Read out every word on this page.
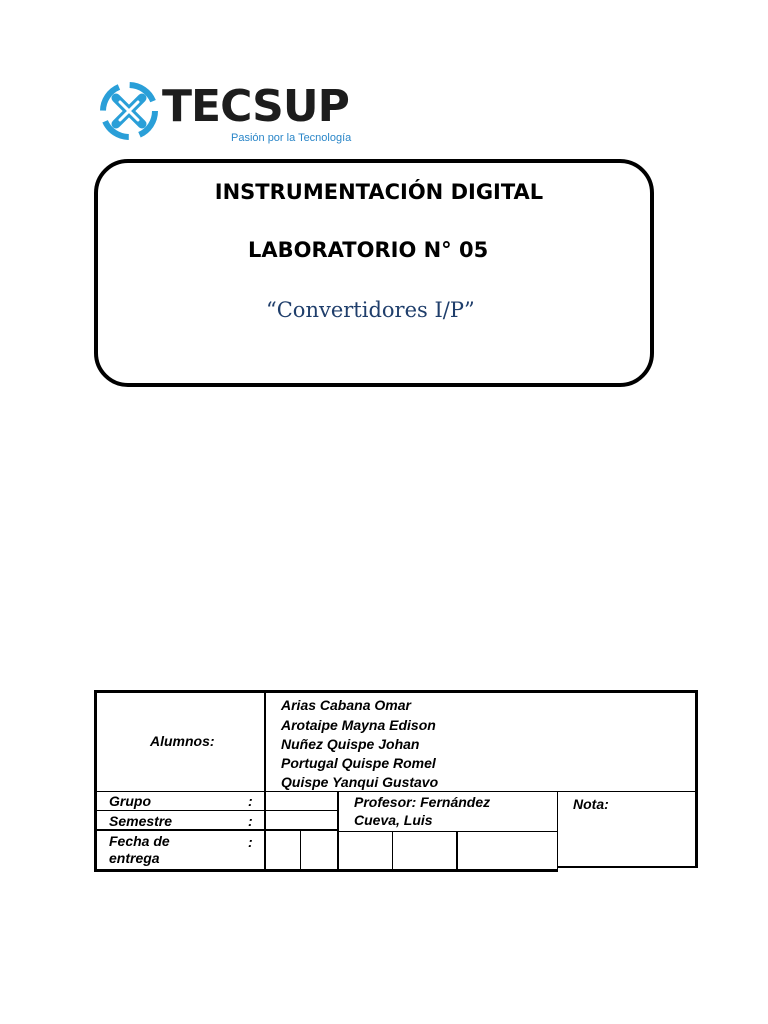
TECSUP
Pasión por la Tecnología
INSTRUMENTACIÓN DIGITAL
LABORATORIO N° 05
“Convertidores I/P”
Alumnos:
Arias Cabana Omar
Arotaipe Mayna Edison
Nuñez Quispe Johan
Portugal Quispe Romel
Quispe Yanqui Gustavo
Grupo	:
Semestre	:
Fecha de entrega
:
Profesor: Fernández
Cueva, Luis
Nota:
